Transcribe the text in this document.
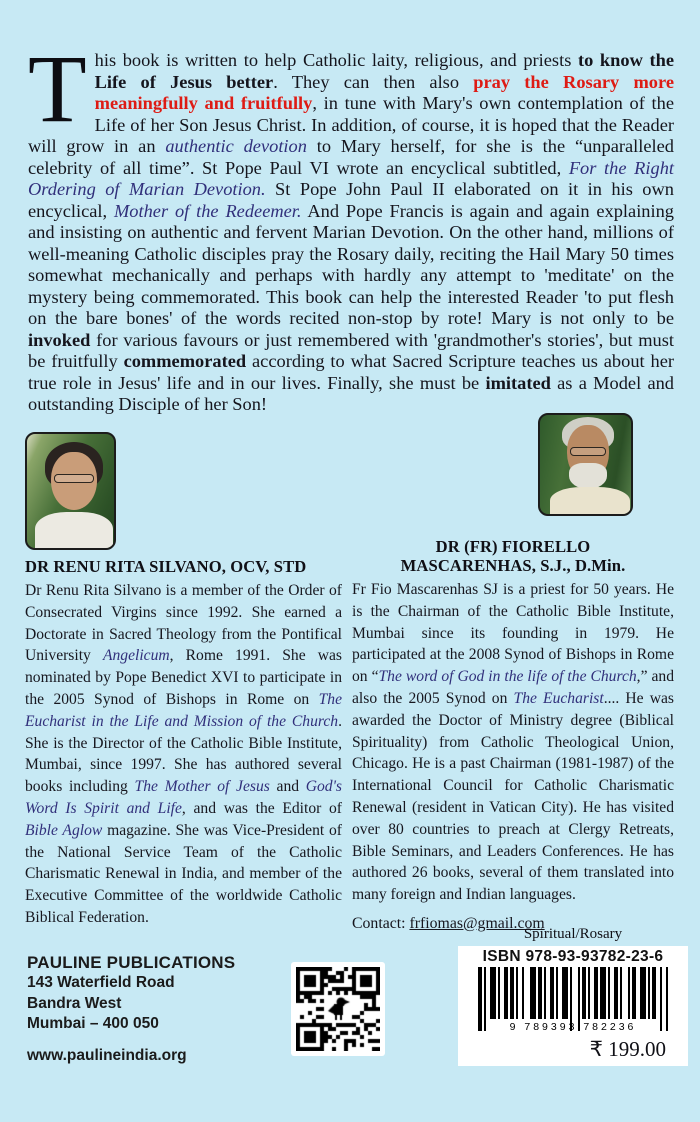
This book is written to help Catholic laity, religious, and priests to know the Life of Jesus better. They can then also pray the Rosary more meaningfully and fruitfully, in tune with Mary's own contemplation of the Life of her Son Jesus Christ. In addition, of course, it is hoped that the Reader will grow in an authentic devotion to Mary herself, for she is the “unparalleled celebrity of all time”. St Pope Paul VI wrote an encyclical subtitled, For the Right Ordering of Marian Devotion. St Pope John Paul II elaborated on it in his own encyclical, Mother of the Redeemer. And Pope Francis is again and again explaining and insisting on authentic and fervent Marian Devotion. On the other hand, millions of well-meaning Catholic disciples pray the Rosary daily, reciting the Hail Mary 50 times somewhat mechanically and perhaps with hardly any attempt to 'meditate' on the mystery being commemorated. This book can help the interested Reader 'to put flesh on the bare bones' of the words recited non-stop by rote! Mary is not only to be invoked for various favours or just remembered with 'grandmother's stories', but must be fruitfully commemorated according to what Sacred Scripture teaches us about her true role in Jesus' life and in our lives. Finally, she must be imitated as a Model and outstanding Disciple of her Son!
DR RENU RITA SILVANO, OCV, STD
Dr Renu Rita Silvano is a member of the Order of Consecrated Virgins since 1992. She earned a Doctorate in Sacred Theology from the Pontifical University Angelicum, Rome 1991. She was nominated by Pope Benedict XVI to participate in the 2005 Synod of Bishops in Rome on The Eucharist in the Life and Mission of the Church. She is the Director of the Catholic Bible Institute, Mumbai, since 1997. She has authored several books including The Mother of Jesus and God's Word Is Spirit and Life, and was the Editor of Bible Aglow magazine. She was Vice-President of the National Service Team of the Catholic Charismatic Renewal in India, and member of the Executive Committee of the worldwide Catholic Biblical Federation.
DR (FR) FIORELLO
MASCARENHAS, S.J., D.Min.
Fr Fio Mascarenhas SJ is a priest for 50 years. He is the Chairman of the Catholic Bible Institute, Mumbai since its founding in 1979. He participated at the 2008 Synod of Bishops in Rome on “The word of God in the life of the Church,” and also the 2005 Synod on The Eucharist.... He was awarded the Doctor of Ministry degree (Biblical Spirituality) from Catholic Theological Union, Chicago. He is a past Chairman (1981-1987) of the International Council for Catholic Charismatic Renewal (resident in Vatican City). He has visited over 80 countries to preach at Clergy Retreats, Bible Seminars, and Leaders Conferences. He has authored 26 books, several of them translated into many foreign and Indian languages.
Contact: frfiomas@gmail.com
PAULINE PUBLICATIONS
143 Waterfield Road
Bandra West
Mumbai – 400 050
www.paulineindia.org
Spiritual/Rosary
ISBN 978-93-93782-23-6
9 789393 782236
₹ 199.00
